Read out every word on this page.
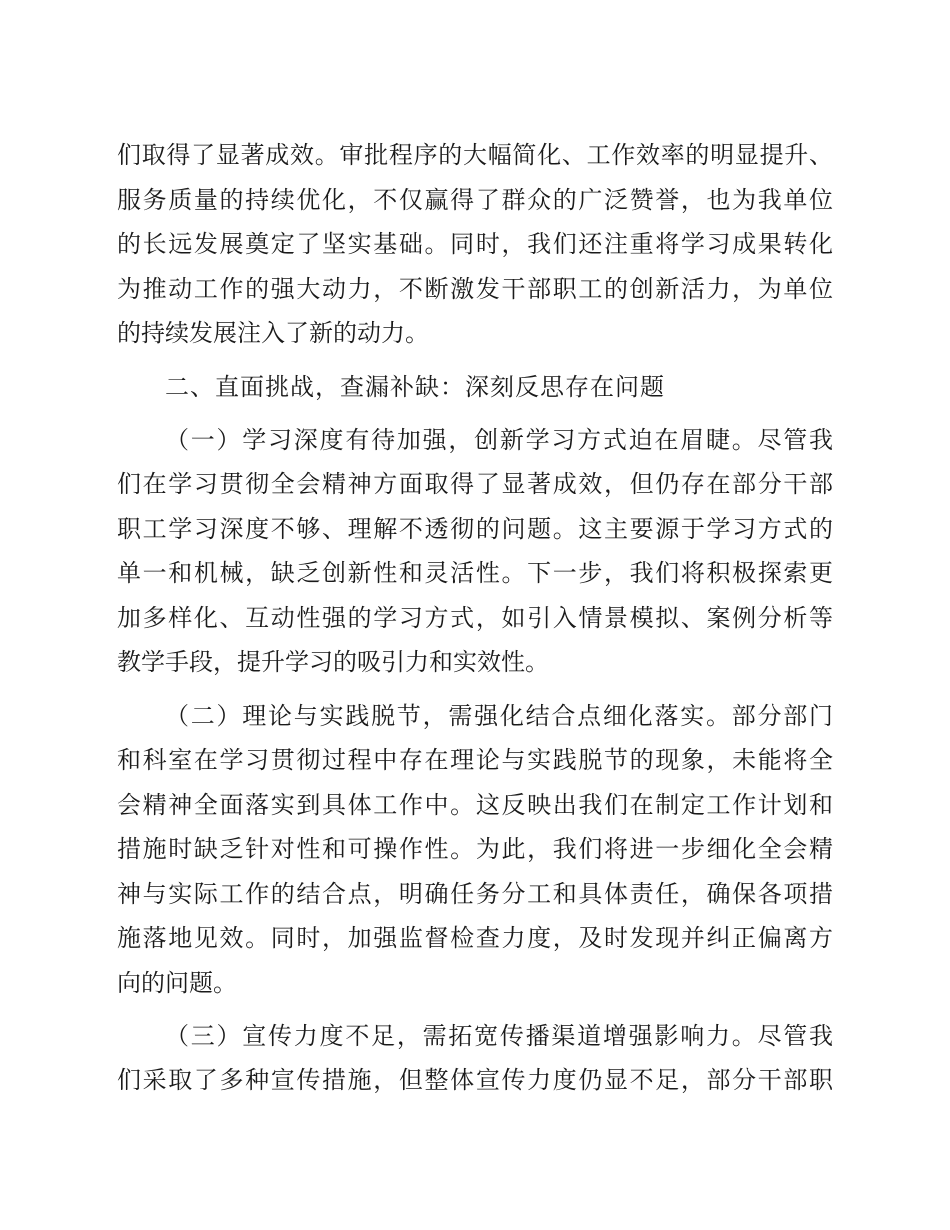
们取得了显著成效。审批程序的大幅简化、工作效率的明显提升、
服务质量的持续优化，不仅赢得了群众的广泛赞誉，也为我单位
的长远发展奠定了坚实基础。同时，我们还注重将学习成果转化
为推动工作的强大动力，不断激发干部职工的创新活力，为单位
的持续发展注入了新的动力。
二、直面挑战，查漏补缺：深刻反思存在问题
（一）学习深度有待加强，创新学习方式迫在眉睫。尽管我
们在学习贯彻全会精神方面取得了显著成效，但仍存在部分干部
职工学习深度不够、理解不透彻的问题。这主要源于学习方式的
单一和机械，缺乏创新性和灵活性。下一步，我们将积极探索更
加多样化、互动性强的学习方式，如引入情景模拟、案例分析等
教学手段，提升学习的吸引力和实效性。
（二）理论与实践脱节，需强化结合点细化落实。部分部门
和科室在学习贯彻过程中存在理论与实践脱节的现象，未能将全
会精神全面落实到具体工作中。这反映出我们在制定工作计划和
措施时缺乏针对性和可操作性。为此，我们将进一步细化全会精
神与实际工作的结合点，明确任务分工和具体责任，确保各项措
施落地见效。同时，加强监督检查力度，及时发现并纠正偏离方
向的问题。
（三）宣传力度不足，需拓宽传播渠道增强影响力。尽管我
们采取了多种宣传措施，但整体宣传力度仍显不足，部分干部职
